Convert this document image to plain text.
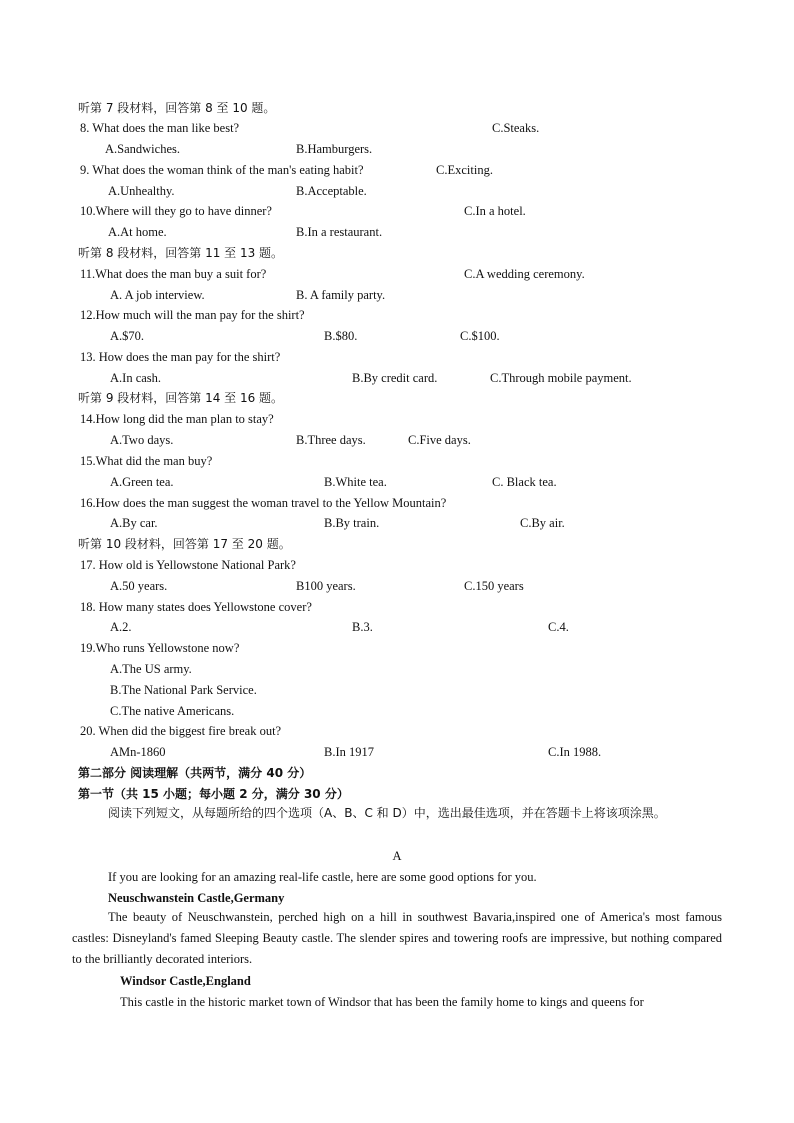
听第 7 段材料，回答第 8 至 10 题。
8. What does the man like best?
A.Sandwiches.	B.Hamburgers.
C.Steaks.
9. What does the woman think of the man's eating habit?
A.Unhealthy.	B.Acceptable.
C.Exciting.
10.Where will they go to have dinner?
A.At home.	B.In a restaurant.
C.In a hotel.
听第 8 段材料，回答第 11 至 13 题。
11.What does the man buy a suit for?
A. A job interview.	B. A family party.
C.A wedding ceremony.
12.How much will the man pay for the shirt?
A.$70.	B.$80.	C.$100.
13. How does the man pay for the shirt?
A.In cash.	B.By credit card.	C.Through mobile payment.
听第 9 段材料，回答第 14 至 16 题。
14.How long did the man plan to stay?
A.Two days.	B.Three days.	C.Five days.
15.What did the man buy?
A.Green tea.	B.White tea.	C. Black tea.
16.How does the man suggest the woman travel to the Yellow Mountain?
A.By car.	B.By train.	C.By air.
听第 10 段材料，回答第 17 至 20 题。
17. How old is Yellowstone National Park?
A.50 years.	B100 years.	C.150 years
18. How many states does Yellowstone cover?
A.2.	B.3.	C.4.
19.Who runs Yellowstone now?
A.The US army.
B.The National Park Service.
C.The native Americans.
20. When did the biggest fire break out?
AMn-1860	B.In 1917	C.In 1988.
第二部分 阅读理解（共两节，满分 40 分）
第一节（共 15 小题；每小题 2 分，满分 30 分）
阅读下列短文，从每题所给的四个选项（A、B、C 和 D）中，选出最佳选项，并在答题卡上将该项涂黑。
A
If you are looking for an amazing real-life castle, here are some good options for you.
Neuschwanstein Castle,Germany
The beauty of Neuschwanstein, perched high on a hill in southwest Bavaria,inspired one of America's most famous castles: Disneyland's famed Sleeping Beauty castle. The slender spires and towering roofs are impressive, but nothing compared to the brilliantly decorated interiors.
Windsor Castle,England
This castle in the historic market town of Windsor that has been the family home to kings and queens for
